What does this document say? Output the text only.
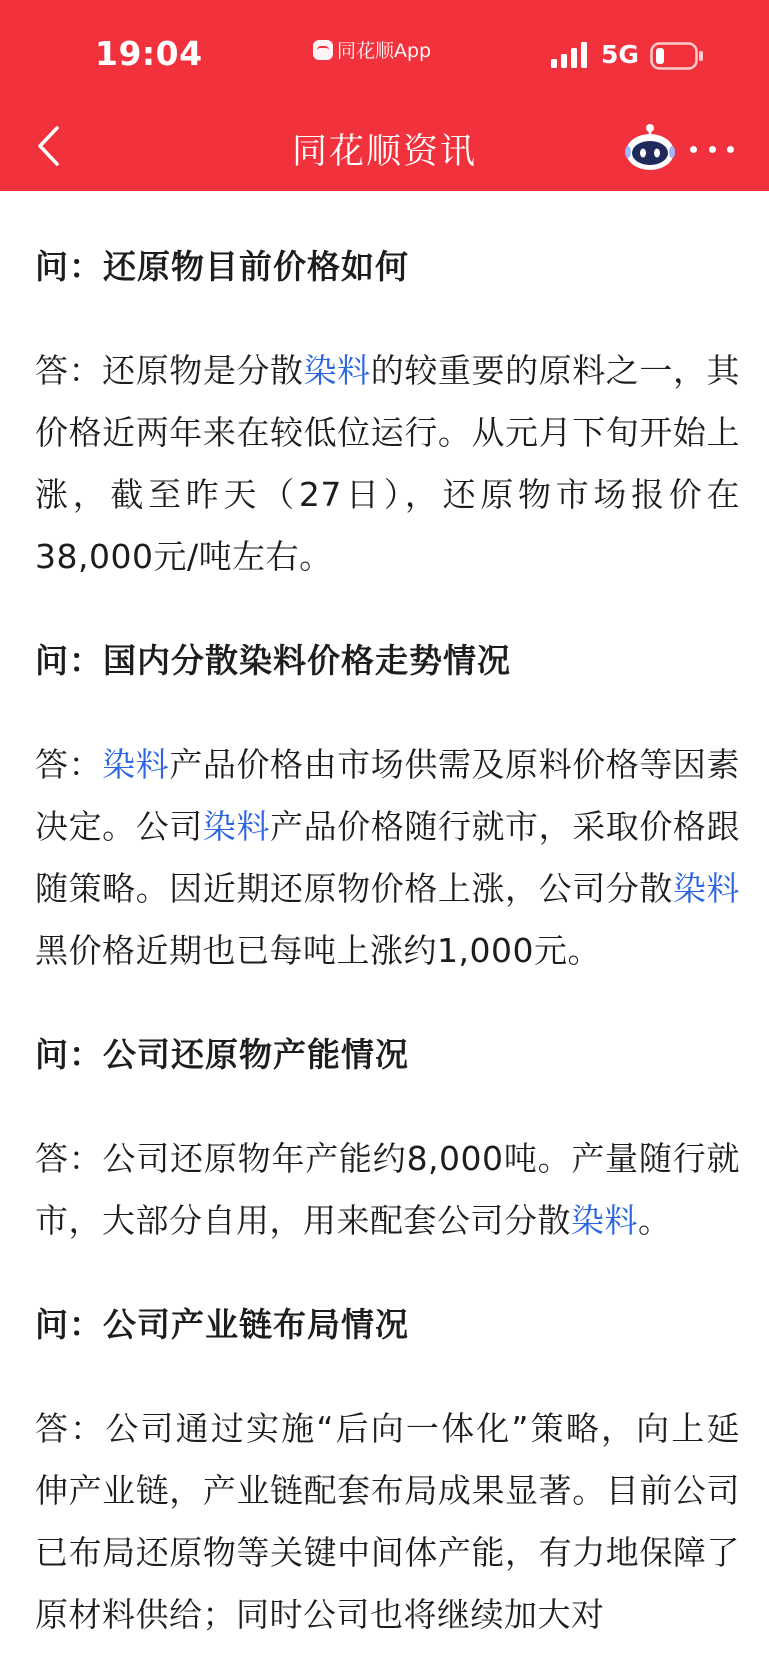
19:04	同花顺App	5G
同花顺资讯

问：还原物目前价格如何

答：还原物是分散染料的较重要的原料之一，其价格近两年来在较低位运行。从元月下旬开始上涨，截至昨天（27日），还原物市场报价在38,000元/吨左右。

问：国内分散染料价格走势情况

答：染料产品价格由市场供需及原料价格等因素决定。公司染料产品价格随行就市，采取价格跟随策略。因近期还原物价格上涨，公司分散染料黑价格近期也已每吨上涨约1,000元。

问：公司还原物产能情况

答：公司还原物年产能约8,000吨。产量随行就市，大部分自用，用来配套公司分散染料。

问：公司产业链布局情况

答：公司通过实施“后向一体化”策略，向上延伸产业链，产业链配套布局成果显著。目前公司已布局还原物等关键中间体产能，有力地保障了原材料供给；同时公司也将继续加大对
